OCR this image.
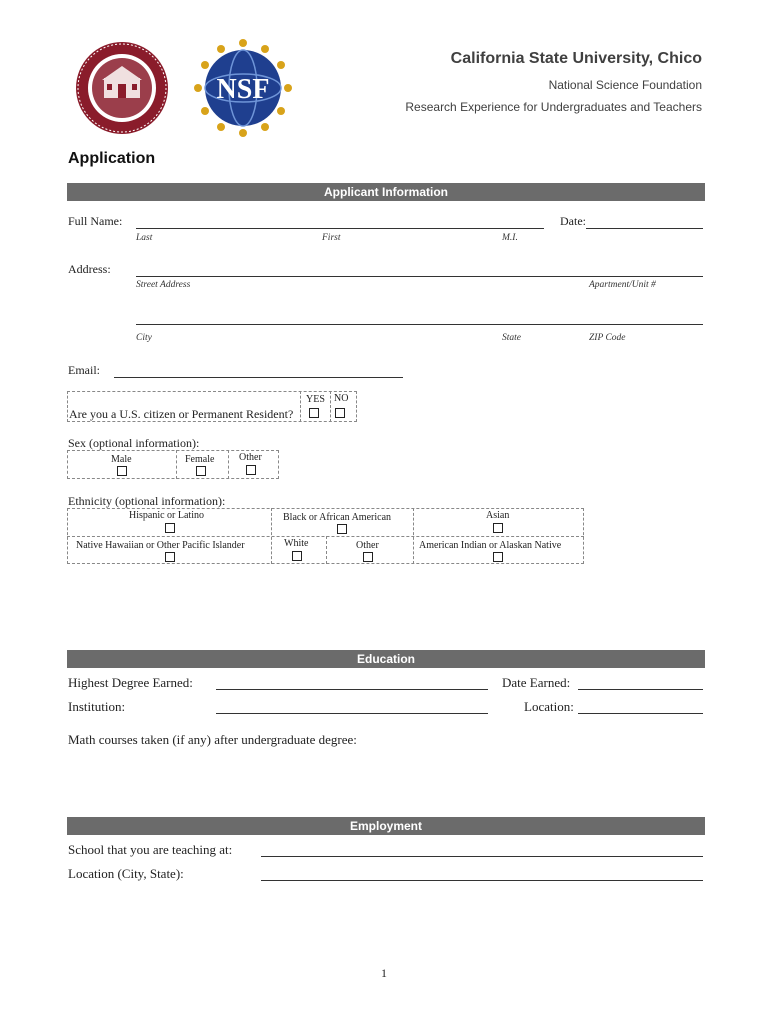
NSF
California State University, Chico
National Science Foundation
Research Experience for Undergraduates and Teachers
Application
Applicant Information
Full Name:	Date:
Last	First	M.I.
Address:
Street Address	Apartment/Unit #
City	State	ZIP Code
Email:
Are you a U.S. citizen or Permanent Resident?
YES NO
Sex (optional information):
Male	Female Other
Ethnicity (optional information):
Hispanic or Latino	Black or African American	Asian
Native Hawaiian or Other Pacific Islander	White	Other	American Indian or Alaskan Native
Education
Highest Degree Earned:	Date Earned:
Institution:	Location:
Math courses taken (if any) after undergraduate degree:
Employment
School that you are teaching at:
Location (City, State):
1
